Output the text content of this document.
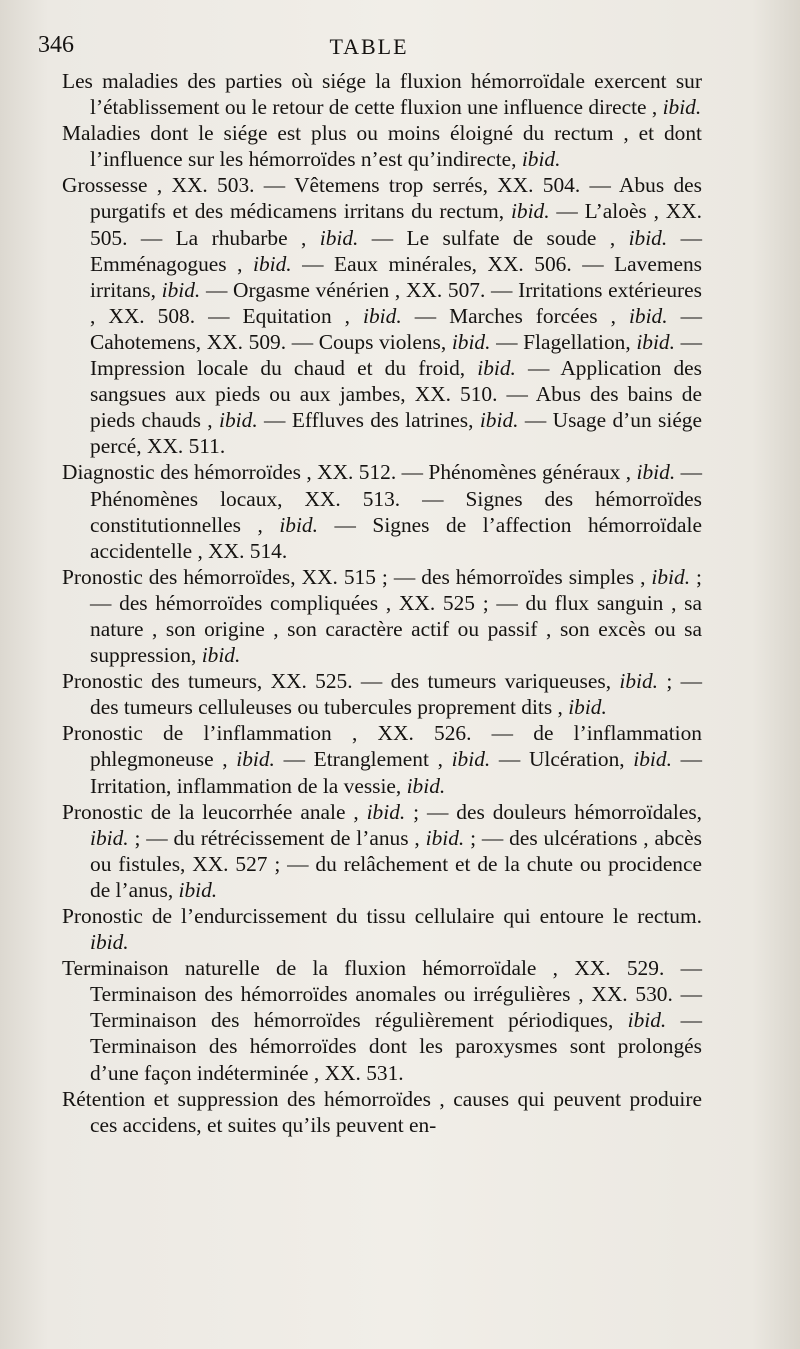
346	TABLE

Les maladies des parties où siége la fluxion hémorroïdale exercent sur l’établissement ou le retour de cette fluxion une influence directe , ibid.

Maladies dont le siége est plus ou moins éloigné du rectum , et dont l’influence sur les hémorroïdes n’est qu’indirecte, ibid.

Grossesse , XX. 503. — Vêtemens trop serrés, XX. 504. — Abus des purgatifs et des médicamens irritans du rectum, ibid. — L’aloès , XX. 505. — La rhubarbe , ibid. — Le sulfate de soude , ibid. — Emménagogues , ibid. — Eaux minérales, XX. 506. — Lavemens irritans, ibid. — Orgasme vénérien , XX. 507. — Irritations extérieures , XX. 508. — Equitation , ibid. — Marches forcées , ibid. — Cahotemens, XX. 509. — Coups violens, ibid. — Flagellation, ibid. — Impression locale du chaud et du froid, ibid. — Application des sangsues aux pieds ou aux jambes, XX. 510. — Abus des bains de pieds chauds , ibid. — Effluves des latrines, ibid. — Usage d’un siége percé, XX. 511.

Diagnostic des hémorroïdes , XX. 512. — Phénomènes généraux , ibid. — Phénomènes locaux, XX. 513. — Signes des hémorroïdes constitutionnelles , ibid. — Signes de l’affection hémorroïdale accidentelle , XX. 514.

Pronostic des hémorroïdes, XX. 515 ; — des hémorroïdes simples , ibid. ; — des hémorroïdes compliquées , XX. 525 ; — du flux sanguin , sa nature , son origine , son caractère actif ou passif , son excès ou sa suppression, ibid.

Pronostic des tumeurs, XX. 525. — des tumeurs variqueuses, ibid. ; — des tumeurs celluleuses ou tubercules proprement dits , ibid.

Pronostic de l’inflammation , XX. 526. — de l’inflammation phlegmoneuse , ibid. — Etranglement , ibid. — Ulcération, ibid. — Irritation, inflammation de la vessie, ibid.

Pronostic de la leucorrhée anale , ibid. ; — des douleurs hémorroïdales, ibid. ; — du rétrécissement de l’anus , ibid. ; — des ulcérations , abcès ou fistules, XX. 527 ; — du relâchement et de la chute ou procidence de l’anus, ibid.

Pronostic de l’endurcissement du tissu cellulaire qui entoure le rectum. ibid.

Terminaison naturelle de la fluxion hémorroïdale , XX. 529. — Terminaison des hémorroïdes anomales ou irrégulières , XX. 530. — Terminaison des hémorroïdes régulièrement périodiques, ibid. — Terminaison des hémorroïdes dont les paroxysmes sont prolongés d’une façon indéterminée , XX. 531.

Rétention et suppression des hémorroïdes , causes qui peuvent produire ces accidens, et suites qu’ils peuvent en-
